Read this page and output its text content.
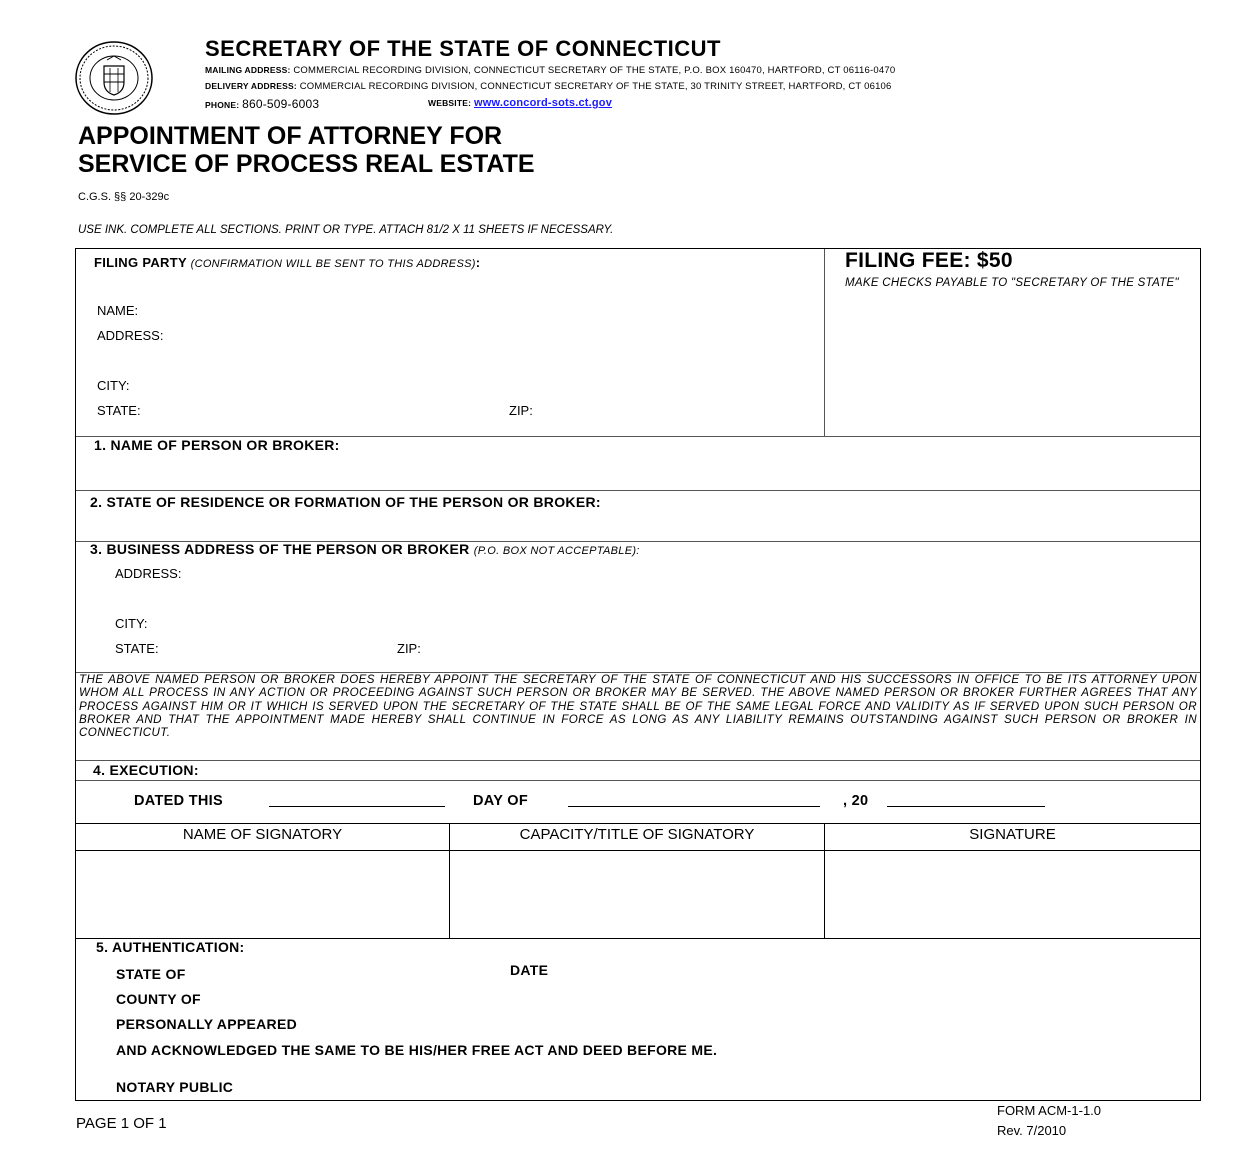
SECRETARY OF THE STATE OF CONNECTICUT
MAILING ADDRESS: COMMERCIAL RECORDING DIVISION, CONNECTICUT SECRETARY OF THE STATE, P.O. BOX 160470, HARTFORD, CT 06116-0470
DELIVERY ADDRESS: COMMERCIAL RECORDING DIVISION, CONNECTICUT SECRETARY OF THE STATE, 30 TRINITY STREET, HARTFORD, CT 06106
PHONE: 860-509-6003	WEBSITE: www.concord-sots.ct.gov
APPOINTMENT OF ATTORNEY FOR
SERVICE OF PROCESS REAL ESTATE
C.G.S. §§ 20-329c
USE INK. COMPLETE ALL SECTIONS. PRINT OR TYPE. ATTACH 81/2 X 11 SHEETS IF NECESSARY.
FILING PARTY (CONFIRMATION WILL BE SENT TO THIS ADDRESS):
NAME:
ADDRESS:
CITY:
STATE:	ZIP:
FILING FEE: $50
MAKE CHECKS PAYABLE TO "SECRETARY OF THE STATE"
1. NAME OF PERSON OR BROKER:
2. STATE OF RESIDENCE OR FORMATION OF THE PERSON OR BROKER:
3. BUSINESS ADDRESS OF THE PERSON OR BROKER (P.O. BOX NOT ACCEPTABLE):
ADDRESS:
CITY:
STATE:	ZIP:
THE ABOVE NAMED PERSON OR BROKER DOES HEREBY APPOINT THE SECRETARY OF THE STATE OF CONNECTICUT AND HIS SUCCESSORS IN OFFICE TO BE ITS ATTORNEY UPON WHOM ALL PROCESS IN ANY ACTION OR PROCEEDING AGAINST SUCH PERSON OR BROKER MAY BE SERVED. THE ABOVE NAMED PERSON OR BROKER FURTHER AGREES THAT ANY PROCESS AGAINST HIM OR IT WHICH IS SERVED UPON THE SECRETARY OF THE STATE SHALL BE OF THE SAME LEGAL FORCE AND VALIDITY AS IF SERVED UPON SUCH PERSON OR BROKER AND THAT THE APPOINTMENT MADE HEREBY SHALL CONTINUE IN FORCE AS LONG AS ANY LIABILITY REMAINS OUTSTANDING AGAINST SUCH PERSON OR BROKER IN CONNECTICUT.
4. EXECUTION:
DATED THIS	DAY OF	, 20
NAME OF SIGNATORY	CAPACITY/TITLE OF SIGNATORY	SIGNATURE
5. AUTHENTICATION:
STATE OF	DATE
COUNTY OF
PERSONALLY APPEARED
AND ACKNOWLEDGED THE SAME TO BE HIS/HER FREE ACT AND DEED BEFORE ME.
NOTARY PUBLIC
PAGE 1 OF 1
FORM ACM-1-1.0
Rev. 7/2010
